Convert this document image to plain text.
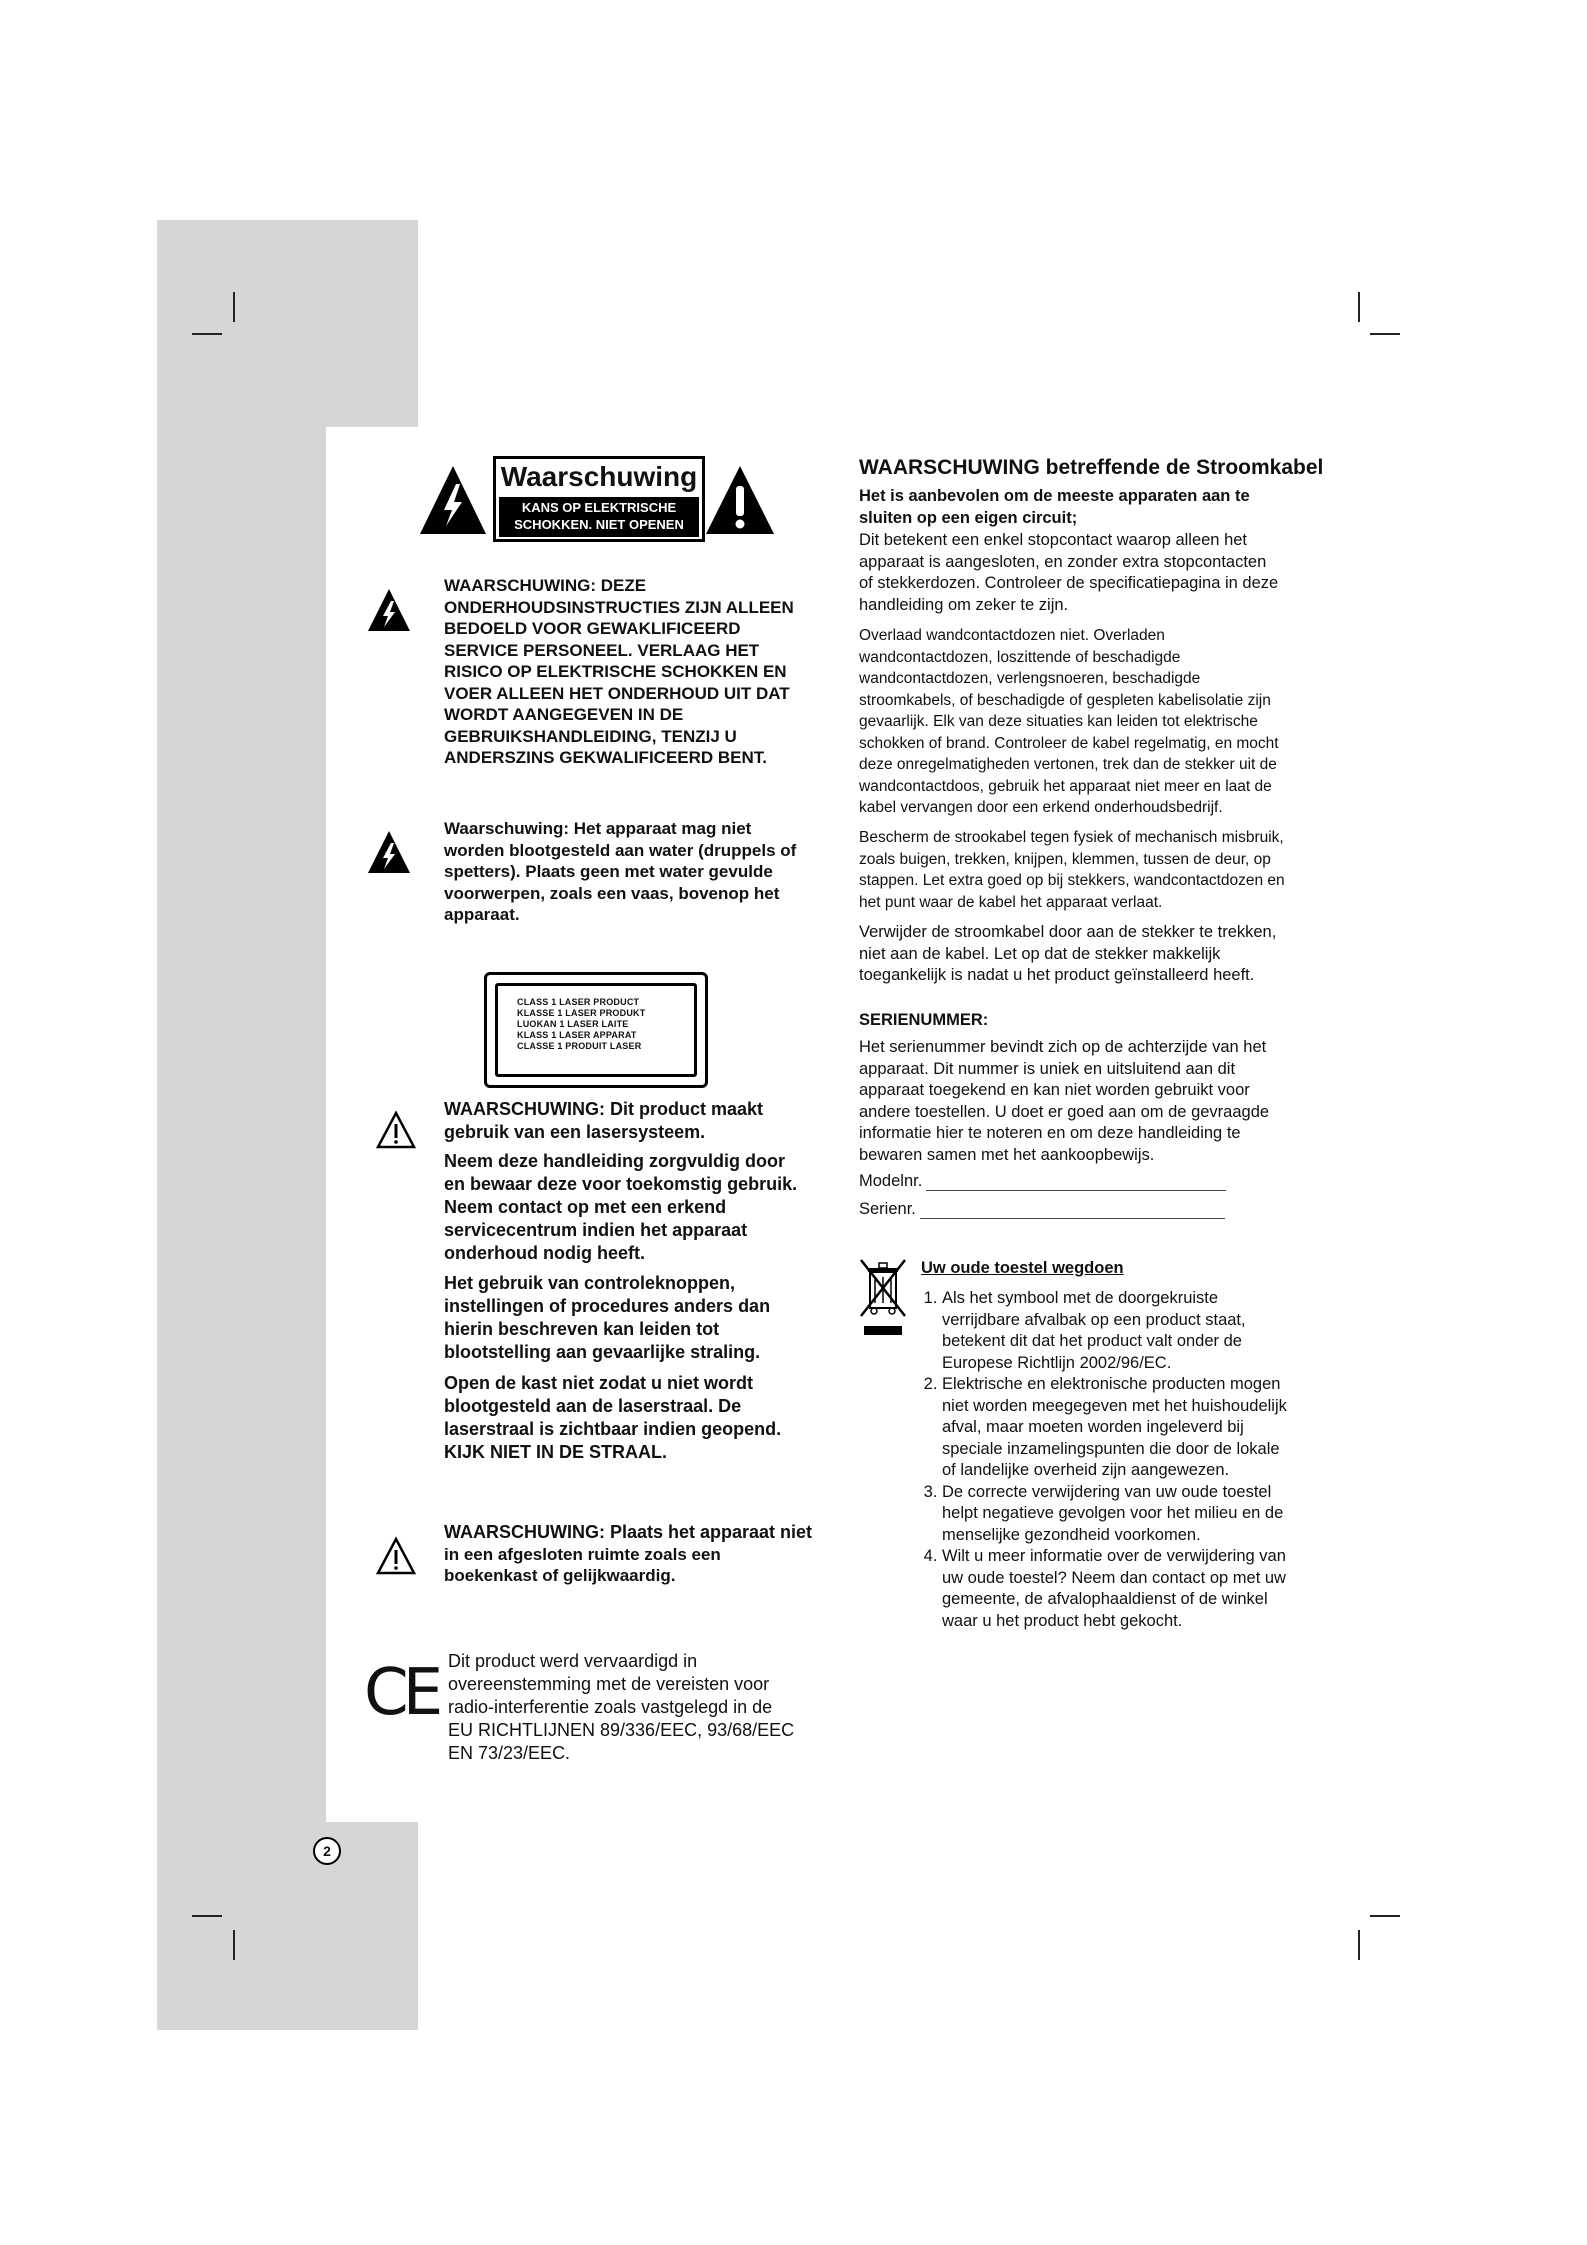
Waarschuwing
KANS OP ELEKTRISCHE
SCHOKKEN. NIET OPENEN
WAARSCHUWING: DEZE
ONDERHOUDSINSTRUCTIES ZIJN ALLEEN
BEDOELD VOOR GEWAKLIFICEERD
SERVICE PERSONEEL. VERLAAG HET
RISICO OP ELEKTRISCHE SCHOKKEN EN
VOER ALLEEN HET ONDERHOUD UIT DAT
WORDT AANGEGEVEN IN DE
GEBRUIKSHANDLEIDING, TENZIJ U
ANDERSZINS GEKWALIFICEERD BENT.
Waarschuwing: Het apparaat mag niet
worden blootgesteld aan water (druppels of
spetters). Plaats geen met water gevulde
voorwerpen, zoals een vaas, bovenop het
apparaat.
CLASS 1 LASER PRODUCT
KLASSE 1 LASER PRODUKT
LUOKAN 1 LASER LAITE
KLASS 1 LASER APPARAT
CLASSE 1 PRODUIT LASER
WAARSCHUWING: Dit product maakt
gebruik van een lasersysteem.
Neem deze handleiding zorgvuldig door
en bewaar deze voor toekomstig gebruik.
Neem contact op met een erkend
servicecentrum indien het apparaat
onderhoud nodig heeft.
Het gebruik van controleknoppen,
instellingen of procedures anders dan
hierin beschreven kan leiden tot
blootstelling aan gevaarlijke straling.
Open de kast niet zodat u niet wordt
blootgesteld aan de laserstraal. De
laserstraal is zichtbaar indien geopend.
KIJK NIET IN DE STRAAL.
WAARSCHUWING: Plaats het apparaat niet
in een afgesloten ruimte zoals een
boekenkast of gelijkwaardig.
CE Dit product werd vervaardigd in
overeenstemming met de vereisten voor
radio-interferentie zoals vastgelegd in de
EU RICHTLIJNEN 89/336/EEC, 93/68/EEC
EN 73/23/EEC.
2
WAARSCHUWING betreffende de Stroomkabel
Het is aanbevolen om de meeste apparaten aan te
sluiten op een eigen circuit;
Dit betekent een enkel stopcontact waarop alleen het
apparaat is aangesloten, en zonder extra stopcontacten
of stekkerdozen. Controleer de specificatiepagina in deze
handleiding om zeker te zijn.
Overlaad wandcontactdozen niet. Overladen
wandcontactdozen, loszittende of beschadigde
wandcontactdozen, verlengsnoeren, beschadigde
stroomkabels, of beschadigde of gespleten kabelisolatie zijn
gevaarlijk. Elk van deze situaties kan leiden tot elektrische
schokken of brand. Controleer de kabel regelmatig, en mocht
deze onregelmatigheden vertonen, trek dan de stekker uit de
wandcontactdoos, gebruik het apparaat niet meer en laat de
kabel vervangen door een erkend onderhoudsbedrijf.
Bescherm de strookabel tegen fysiek of mechanisch misbruik,
zoals buigen, trekken, knijpen, klemmen, tussen de deur, op
stappen. Let extra goed op bij stekkers, wandcontactdozen en
het punt waar de kabel het apparaat verlaat.
Verwijder de stroomkabel door aan de stekker te trekken,
niet aan de kabel. Let op dat de stekker makkelijk
toegankelijk is nadat u het product geïnstalleerd heeft.
SERIENUMMER:
Het serienummer bevindt zich op de achterzijde van het
apparaat. Dit nummer is uniek en uitsluitend aan dit
apparaat toegekend en kan niet worden gebruikt voor
andere toestellen. U doet er goed aan om de gevraagde
informatie hier te noteren en om deze handleiding te
bewaren samen met het aankoopbewijs.
Modelnr.
Serienr.
Uw oude toestel wegdoen
1. Als het symbool met de doorgekruiste
verrijdbare afvalbak op een product staat,
betekent dit dat het product valt onder de
Europese Richtlijn 2002/96/EC.
2. Elektrische en elektronische producten mogen
niet worden meegegeven met het huishoudelijk
afval, maar moeten worden ingeleverd bij
speciale inzamelingspunten die door de lokale
of landelijke overheid zijn aangewezen.
3. De correcte verwijdering van uw oude toestel
helpt negatieve gevolgen voor het milieu en de
menselijke gezondheid voorkomen.
4. Wilt u meer informatie over de verwijdering van
uw oude toestel? Neem dan contact op met uw
gemeente, de afvalophaaldienst of de winkel
waar u het product hebt gekocht.
